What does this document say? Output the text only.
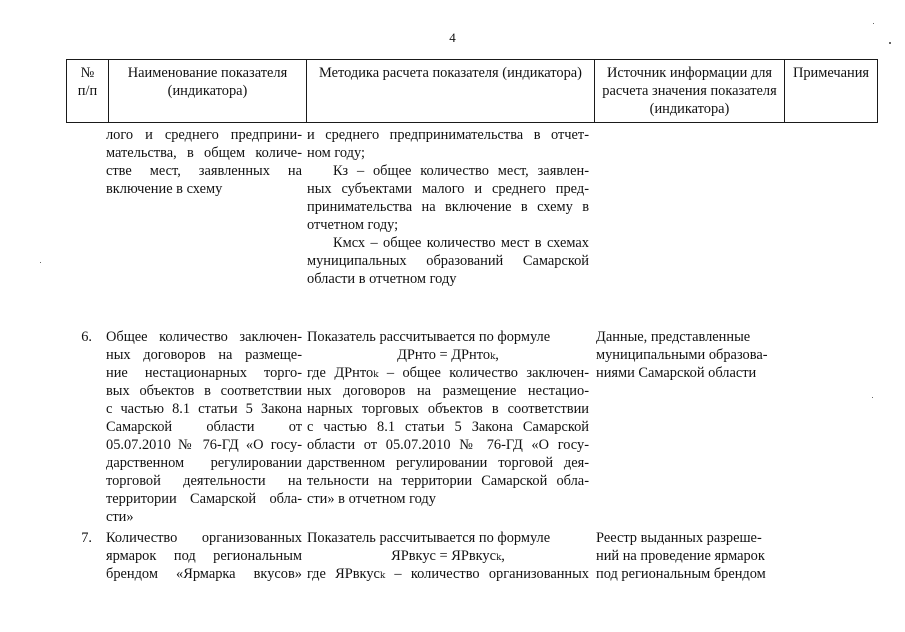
4
№
п/п
Наименование показателя
(индикатора)
Методика расчета показателя (индикатора)	Источник информации для
расчета значения показателя
(индикатора)
Примечания
лого и среднего предприни-
мательства, в общем количе-
стве мест, заявленных на
включение в схему
и среднего предпринимательства в отчет-
ном году;
Кз – общее количество мест, заявлен-
ных субъектами малого и среднего пред-
принимательства на включение в схему в
отчетном году;
Кмсх – общее количество мест в схемах
муниципальных образований Самарской
области в отчетном году
6. Общее количество заключен-
ных договоров на размеще-
ние нестационарных торго-
вых объектов в соответствии
с частью 8.1 статьи 5 Закона
Самарской области от
05.07.2010 № 76-ГД «О госу-
дарственном регулировании
торговой деятельности на
территории Самарской обла-
сти»
Показатель рассчитывается по формуле
ДРнто = ДРнтоₖ,
где ДРнтоₖ – общее количество заключен-
ных договоров на размещение нестацио-
нарных торговых объектов в соответствии
с частью 8.1 статьи 5 Закона Самарской
области от 05.07.2010 № 76-ГД «О госу-
дарственном регулировании торговой дея-
тельности на территории Самарской обла-
сти» в отчетном году
Данные, представленные
муниципальными образова-
ниями Самарской области
7. Количество организованных
ярмарок под региональным
брендом «Ярмарка вкусов»
Показатель рассчитывается по формуле
ЯРвкус = ЯРвкусₖ,
где ЯРвкусₖ – количество организованных
Реестр выданных разреше-
ний на проведение ярмарок
под региональным брендом
